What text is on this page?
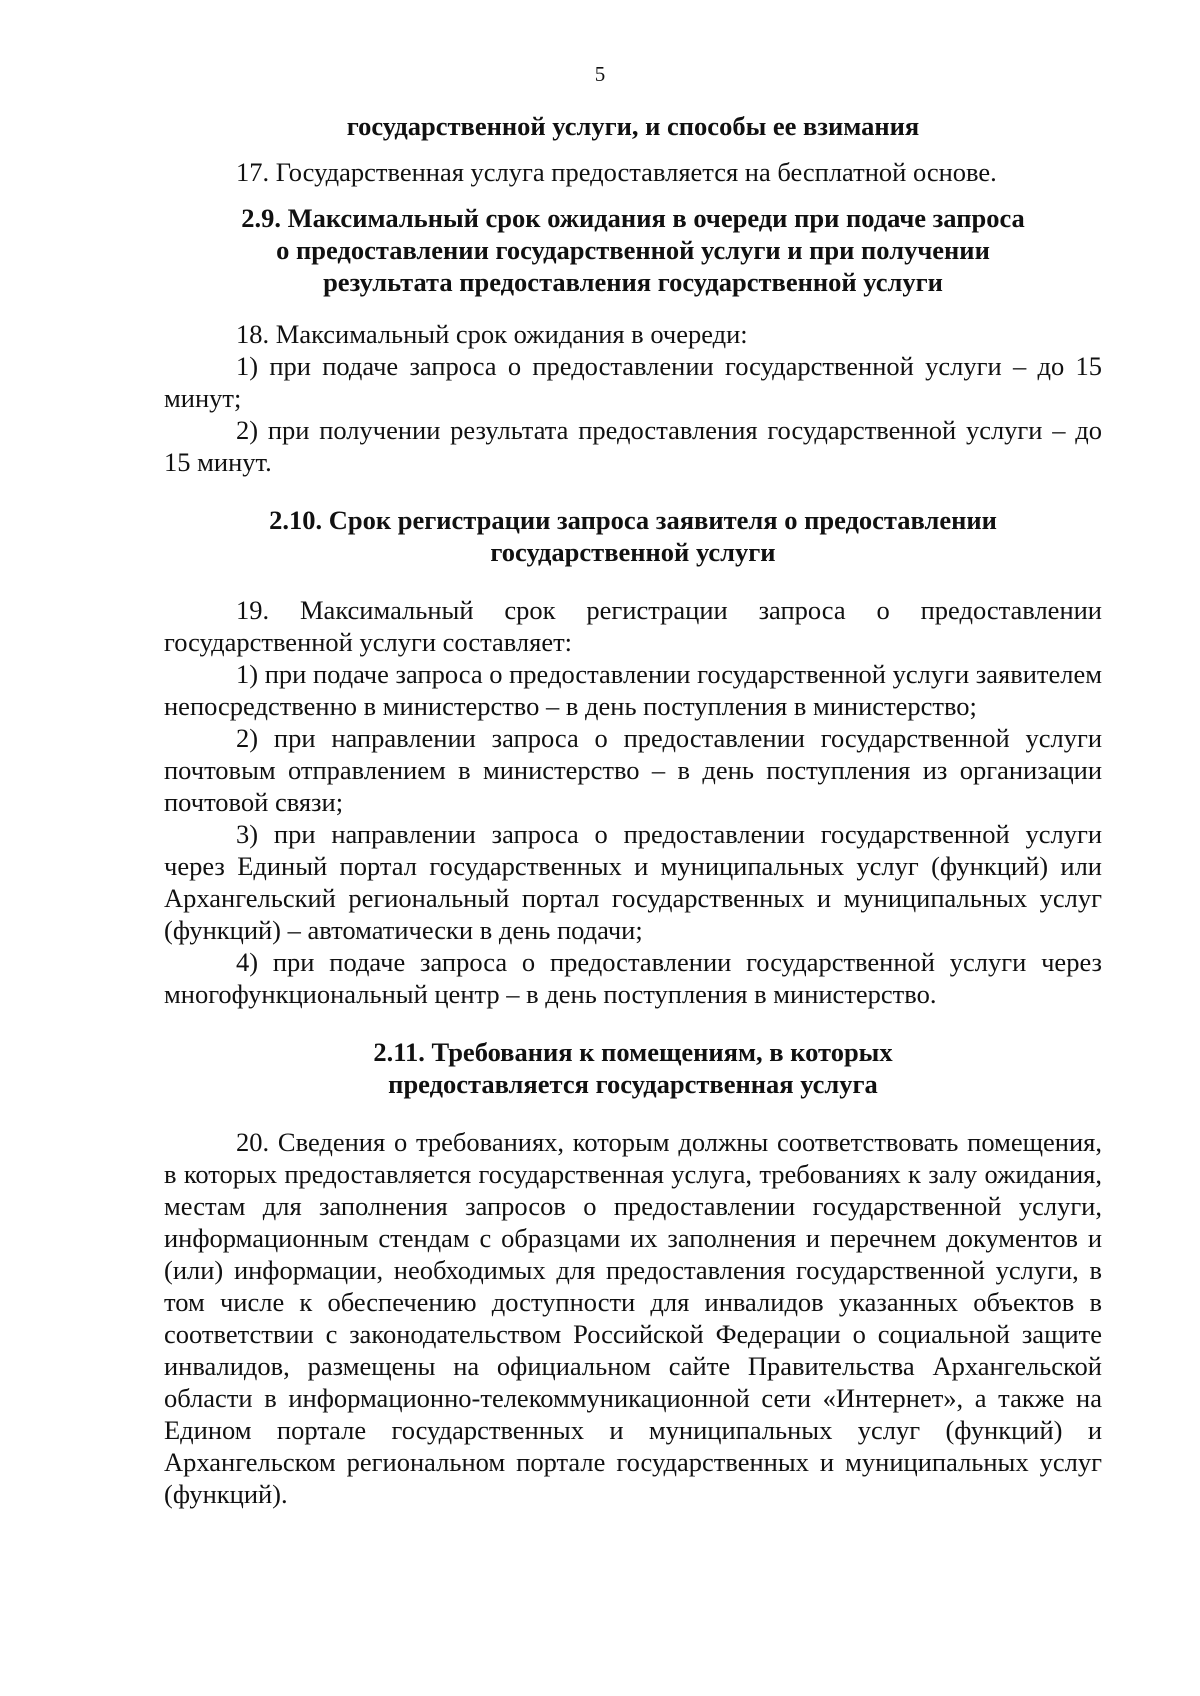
5

государственной услуги, и способы ее взимания

17. Государственная услуга предоставляется на бесплатной основе.

2.9. Максимальный срок ожидания в очереди при подаче запроса

о предоставлении государственной услуги и при получении

результата предоставления государственной услуги

18. Максимальный срок ожидания в очереди:

1) при подаче запроса о предоставлении государственной услуги – до 15 минут;

2) при получении результата предоставления государственной услуги – до 15 минут.

2.10. Срок регистрации запроса заявителя о предоставлении

государственной услуги

19. Максимальный срок регистрации запроса о предоставлении государственной услуги составляет:

1) при подаче запроса о предоставлении государственной услуги заявителем непосредственно в министерство – в день поступления в министерство;

2) при направлении запроса о предоставлении государственной услуги почтовым отправлением в министерство – в день поступления из организации почтовой связи;

3) при направлении запроса о предоставлении государственной услуги через Единый портал государственных и муниципальных услуг (функций) или Архангельский региональный портал государственных и муниципальных услуг (функций) – автоматически в день подачи;

4) при подаче запроса о предоставлении государственной услуги через многофункциональный центр – в день поступления в министерство.

2.11. Требования к помещениям, в которых

предоставляется государственная услуга

20. Сведения о требованиях, которым должны соответствовать помещения, в которых предоставляется государственная услуга, требованиях к залу ожидания, местам для заполнения запросов о предоставлении государственной услуги, информационным стендам с образцами их заполнения и перечнем документов и (или) информации, необходимых для предоставления государственной услуги, в том числе к обеспечению доступности для инвалидов указанных объектов в соответствии с законодательством Российской Федерации о социальной защите инвалидов, размещены на официальном сайте Правительства Архангельской области в информационно-телекоммуникационной сети «Интернет», а также на Едином портале государственных и муниципальных услуг (функций) и Архангельском региональном портале государственных и муниципальных услуг (функций).
